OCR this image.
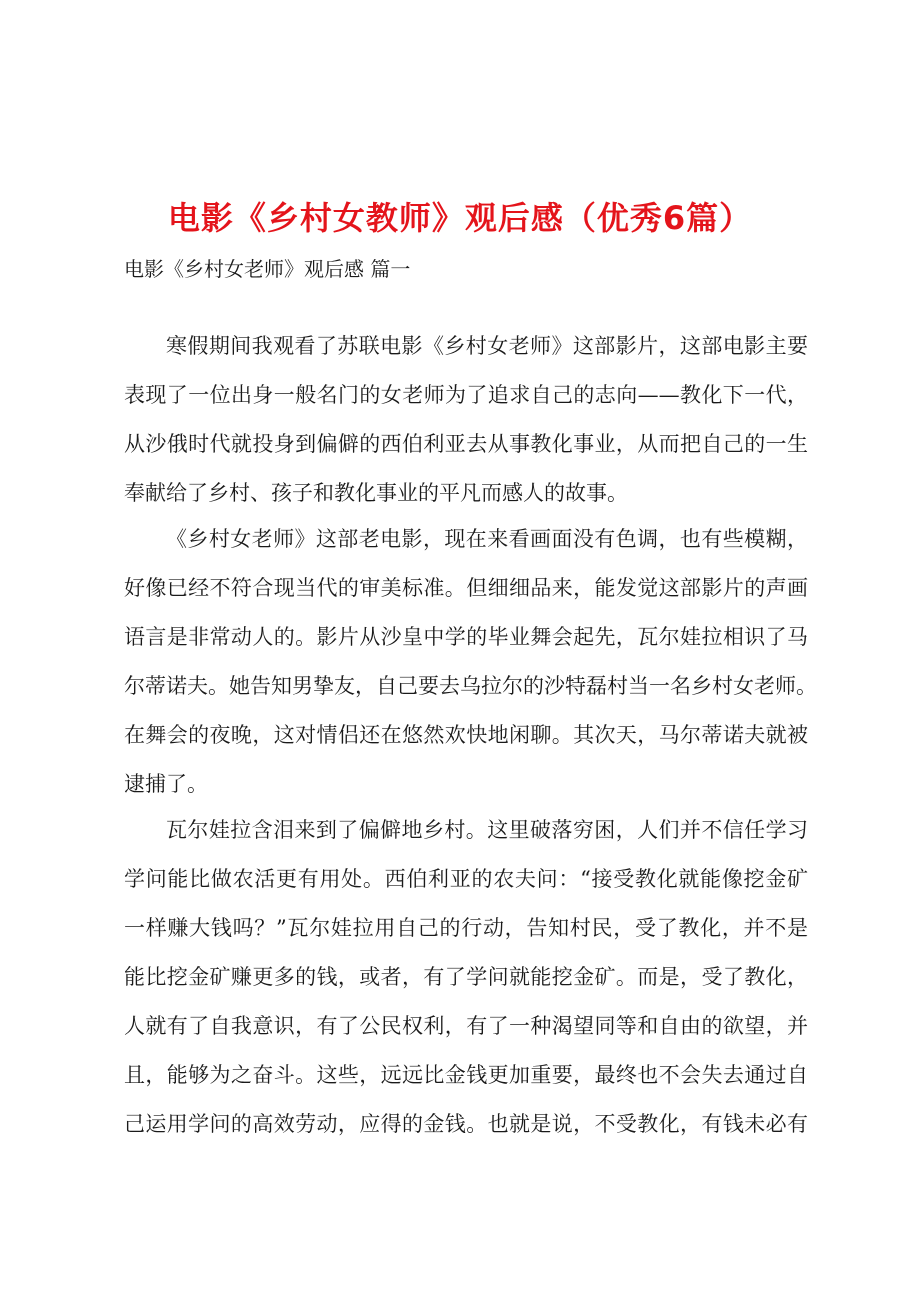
电影《乡村女教师》观后感（优秀6篇）
电影《乡村女老师》观后感 篇一
寒假期间我观看了苏联电影《乡村女老师》这部影片，这部电影主要
表现了一位出身一般名门的女老师为了追求自己的志向——教化下一代，
从沙俄时代就投身到偏僻的西伯利亚去从事教化事业，从而把自己的一生
奉献给了乡村、孩子和教化事业的平凡而感人的故事。
《乡村女老师》这部老电影，现在来看画面没有色调，也有些模糊，
好像已经不符合现当代的审美标准。但细细品来，能发觉这部影片的声画
语言是非常动人的。影片从沙皇中学的毕业舞会起先，瓦尔娃拉相识了马
尔蒂诺夫。她告知男挚友，自己要去乌拉尔的沙特磊村当一名乡村女老师。
在舞会的夜晚，这对情侣还在悠然欢快地闲聊。其次天，马尔蒂诺夫就被
逮捕了。
瓦尔娃拉含泪来到了偏僻地乡村。这里破落穷困，人们并不信任学习
学问能比做农活更有用处。西伯利亚的农夫问：“接受教化就能像挖金矿
一样赚大钱吗？”瓦尔娃拉用自己的行动，告知村民，受了教化，并不是
能比挖金矿赚更多的钱，或者，有了学问就能挖金矿。而是，受了教化，
人就有了自我意识，有了公民权利，有了一种渴望同等和自由的欲望，并
且，能够为之奋斗。这些，远远比金钱更加重要，最终也不会失去通过自
己运用学问的高效劳动，应得的金钱。也就是说，不受教化，有钱未必有
